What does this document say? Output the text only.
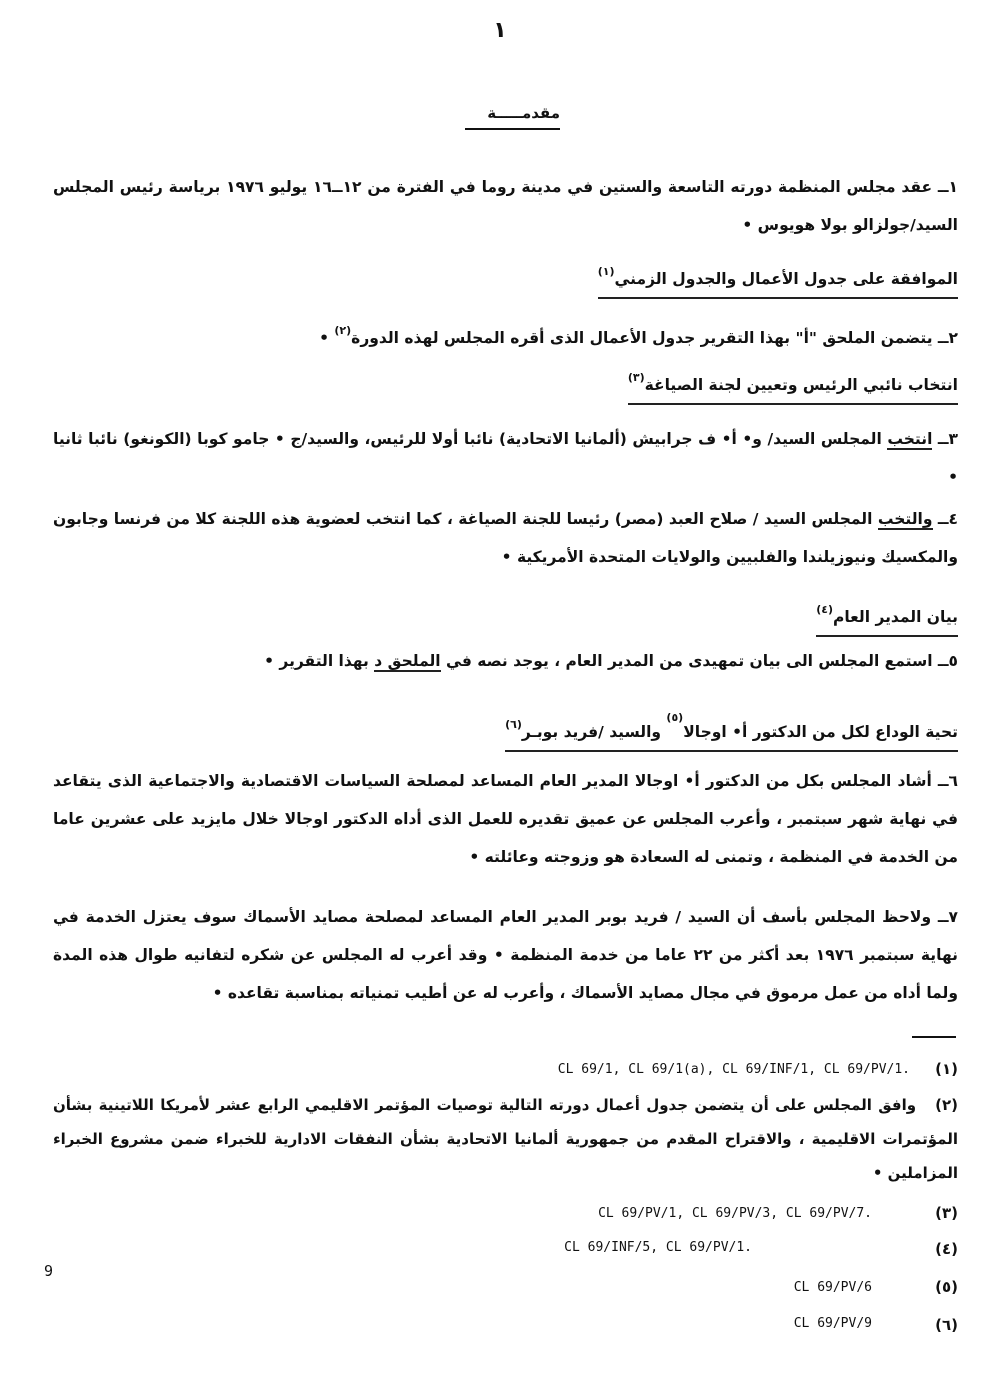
١
مقدمـــــة
١ــ عقد مجلس المنظمة دورته التاسعة والستين في مدينة روما في الفترة من ١٢ــ١٦ يوليو ١٩٧٦ برياسة رئيس المجلس السيد/جولزالو بولا هويوس •
الموافقة على جدول الأعمال والجدول الزمني$^{(١)}$
٢ــ يتضمن الملحق "أ" بهذا التقرير جدول الأعمال الذى أقره المجلس لهذه الدورة$^{(٢)}$ •
انتخاب نائبي الرئيس وتعيين لجنة الصياغة$^{(٣)}$
٣ــ انتخب المجلس السيد/ و• أ• ف جرابيش (ألمانيا الاتحادية) نائبا أولا للرئيس، والسيد/ج • جامو كوبا (الكونغو) نائبا ثانيا •
٤ــ والتخب المجلس السيد / صلاح العبد (مصر) رئيسا للجنة الصياغة ، كما انتخب لعضوية هذه اللجنة كلا من فرنسا وجابون والمكسيك ونيوزيلندا والفلبيين والولايات المتحدة الأمريكية •
بيان المدير العام$^{(٤)}$
٥ــ استمع المجلس الى بيان تمهيدى من المدير العام ، يوجد نصه في الملحق د بهذا التقرير •
تحية الوداع لكل من الدكتور أ• اوجالا$^{(٥)}$ والسيد /فريد بوبـر$^{(٦)}$
٦ــ أشاد المجلس بكل من الدكتور أ• اوجالا المدير العام المساعد لمصلحة السياسات الاقتصادية والاجتماعية الذى يتقاعد في نهاية شهر سبتمبر ، وأعرب المجلس عن عميق تقديره للعمل الذى أداه الدكتور اوجالا خلال مايزيد على عشرين عاما من الخدمة في المنظمة ، وتمنى له السعادة هو وزوجته وعائلته •
٧ــ ولاحظ المجلس بأسف أن السيد / فريد بوبر المدير العام المساعد لمصلحة مصايد الأسماك سوف يعتزل الخدمة في نهاية سبتمبر ١٩٧٦ بعد أكثر من ٢٢ عاما من خدمة المنظمة • وقد أعرب له المجلس عن شكره لتفانيه طوال هذه المدة ولما أداه من عمل مرموق في مجال مصايد الأسماك ، وأعرب له عن أطيب تمنياته بمناسبة تقاعده •
(١)
CL 69/1, CL 69/1(a), CL 69/INF/1, CL 69/PV/1.
(٢)   وافق المجلس على أن يتضمن جدول أعمال دورته التالية توصيات المؤتمر الاقليمي الرابع عشر لأمريكا اللاتينية بشأن المؤتمرات الاقليمية ، والاقتراح المقدم من جمهورية ألمانيا الاتحادية بشأن النفقات الادارية للخبراء ضمن مشروع الخبراء المزاملين •
(٣)
CL 69/PV/1, CL 69/PV/3, CL 69/PV/7.
(٤)
CL 69/INF/5, CL 69/PV/1.
(٥)
CL 69/PV/6
(٦)
CL 69/PV/9
9
